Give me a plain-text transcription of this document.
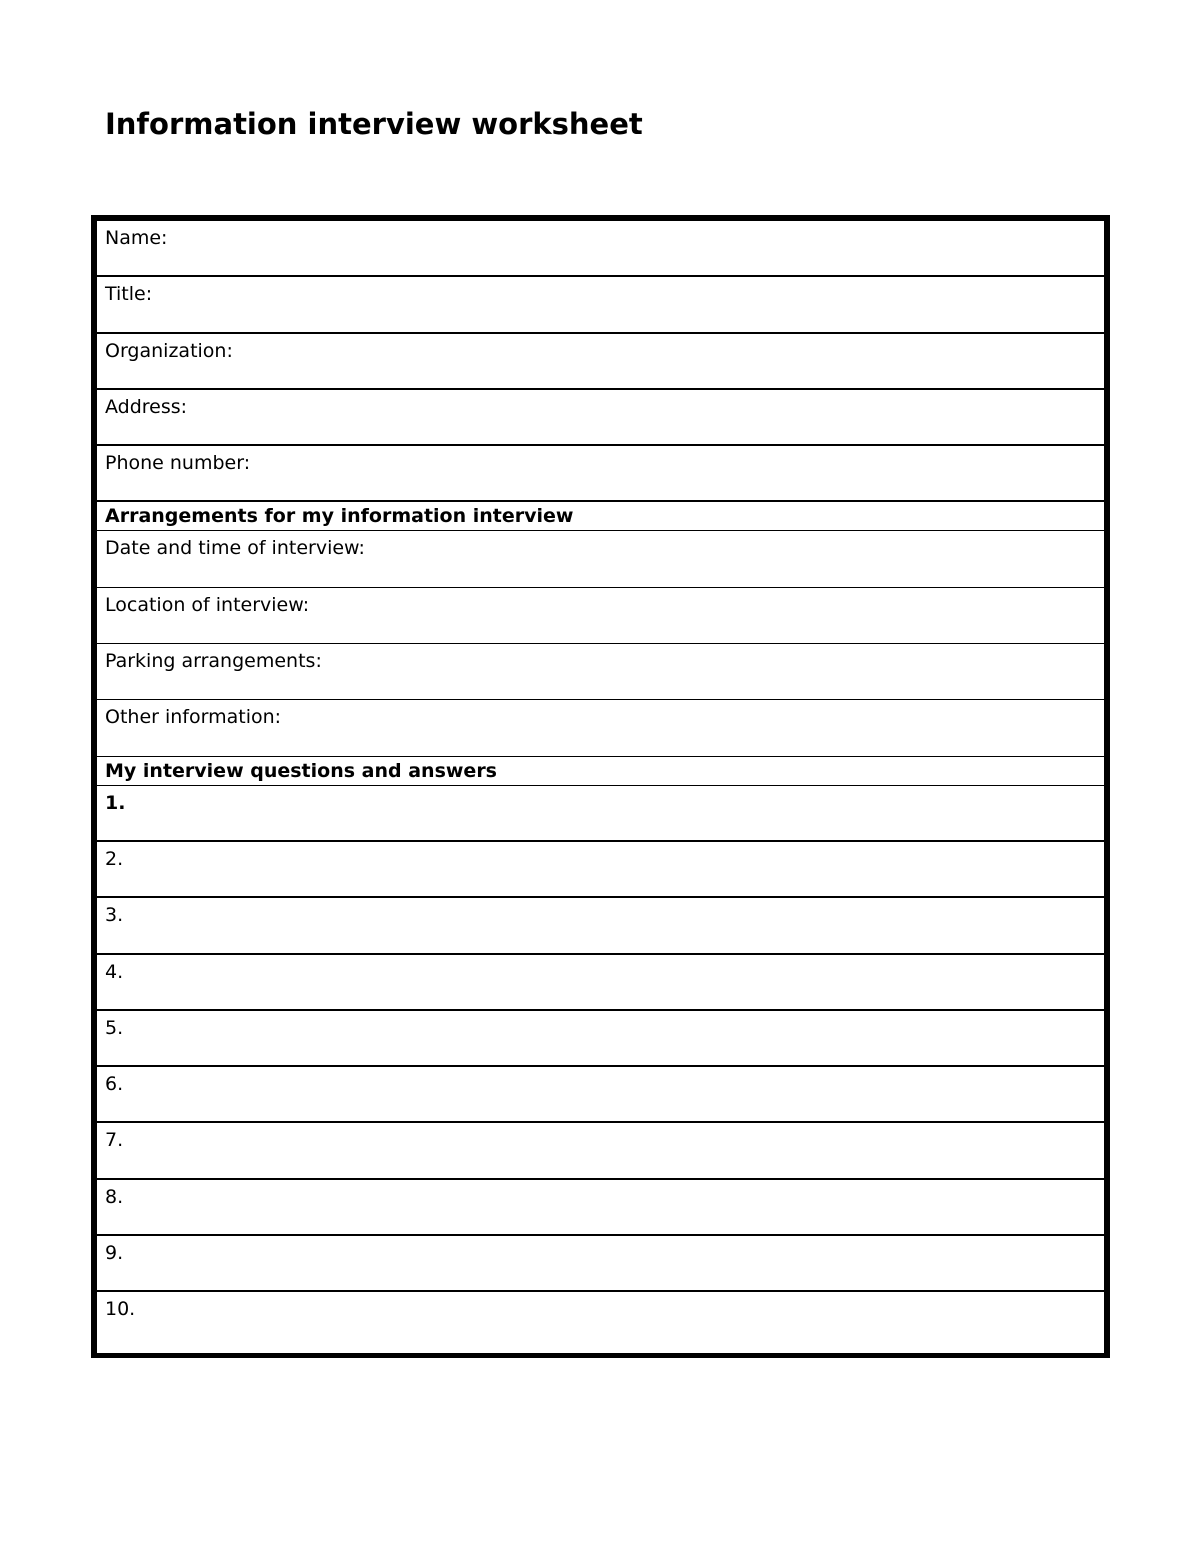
Information interview worksheet
Name:
Title:
Organization:
Address:
Phone number:
Arrangements for my information interview
Date and time of interview:
Location of interview:
Parking arrangements:
Other information:
My interview questions and answers
1.
2.
3.
4.
5.
6.
7.
8.
9.
10.
